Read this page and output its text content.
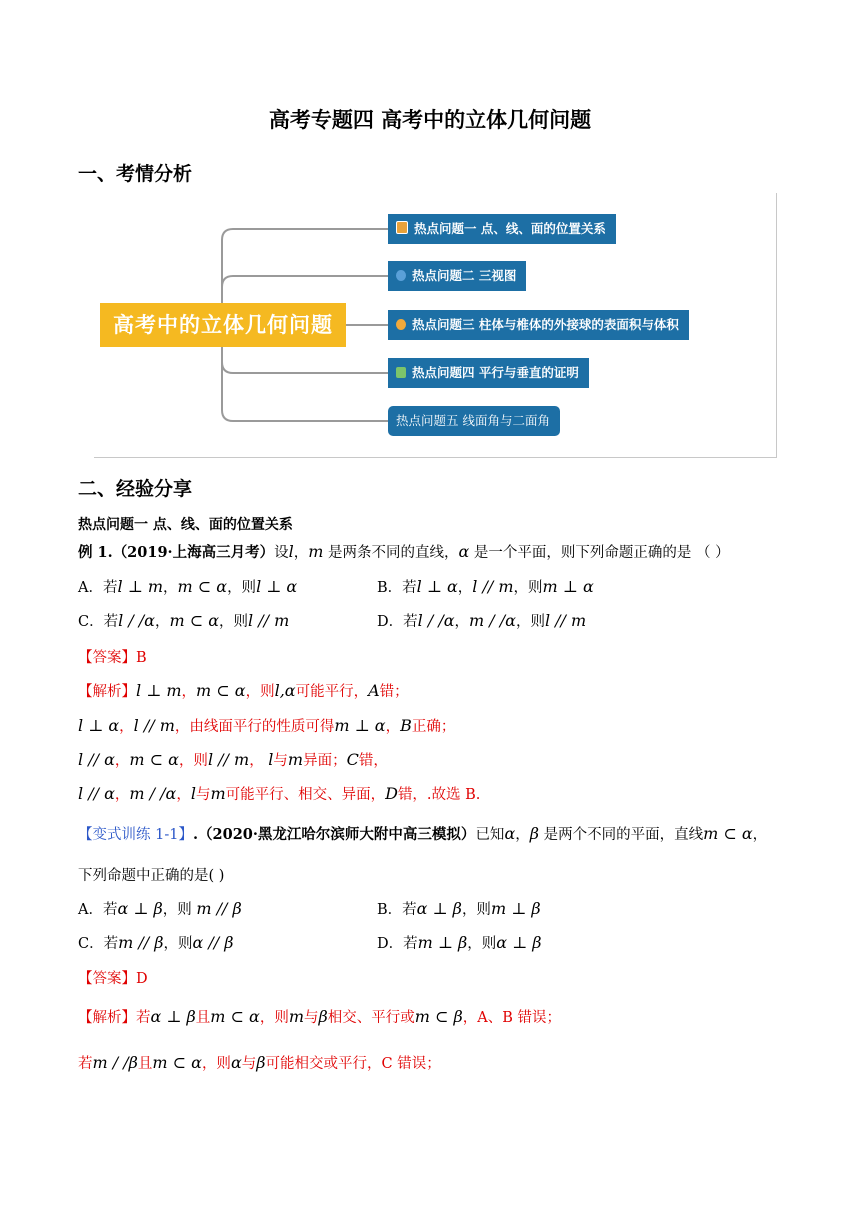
高考专题四 高考中的立体几何问题
一、考情分析
高考中的立体几何问题
热点问题一 点、线、面的位置关系
热点问题二 三视图
热点问题三 柱体与椎体的外接球的表面积与体积
热点问题四 平行与垂直的证明
热点问题五 线面角与二面角
二、经验分享
热点问题一 点、线、面的位置关系
例 1.（2019·上海高三月考）设l，m 是两条不同的直线，α 是一个平面，则下列命题正确的是 （ ）
A．若l ⊥ m，m ⊂ α，则l ⊥ α	B．若l ⊥ α，l // m，则m ⊥ α
C．若l / /α，m ⊂ α，则l // m	D．若l / /α，m / /α，则l // m
【答案】B
【解析】l ⊥ m，m ⊂ α，则l,α可能平行，A错；
l ⊥ α，l // m，由线面平行的性质可得m ⊥ α，B正确；
l // α，m ⊂ α，则l // m， l与m异面；C错，
l // α，m / /α，l与m可能平行、相交、异面，D错，.故选 B.
【变式训练 1-1】.（2020·黑龙江哈尔滨师大附中高三模拟）已知α，β 是两个不同的平面，直线m ⊂ α，
下列命题中正确的是( )
A．若α ⊥ β，则 m // β	B．若α ⊥ β，则m ⊥ β
C．若m // β，则α // β	D．若m ⊥ β，则α ⊥ β
【答案】D
【解析】若α ⊥ β且m ⊂ α，则m与β相交、平行或m ⊂ β，A、B 错误；
若m / /β且m ⊂ α，则α与β可能相交或平行，C 错误；
